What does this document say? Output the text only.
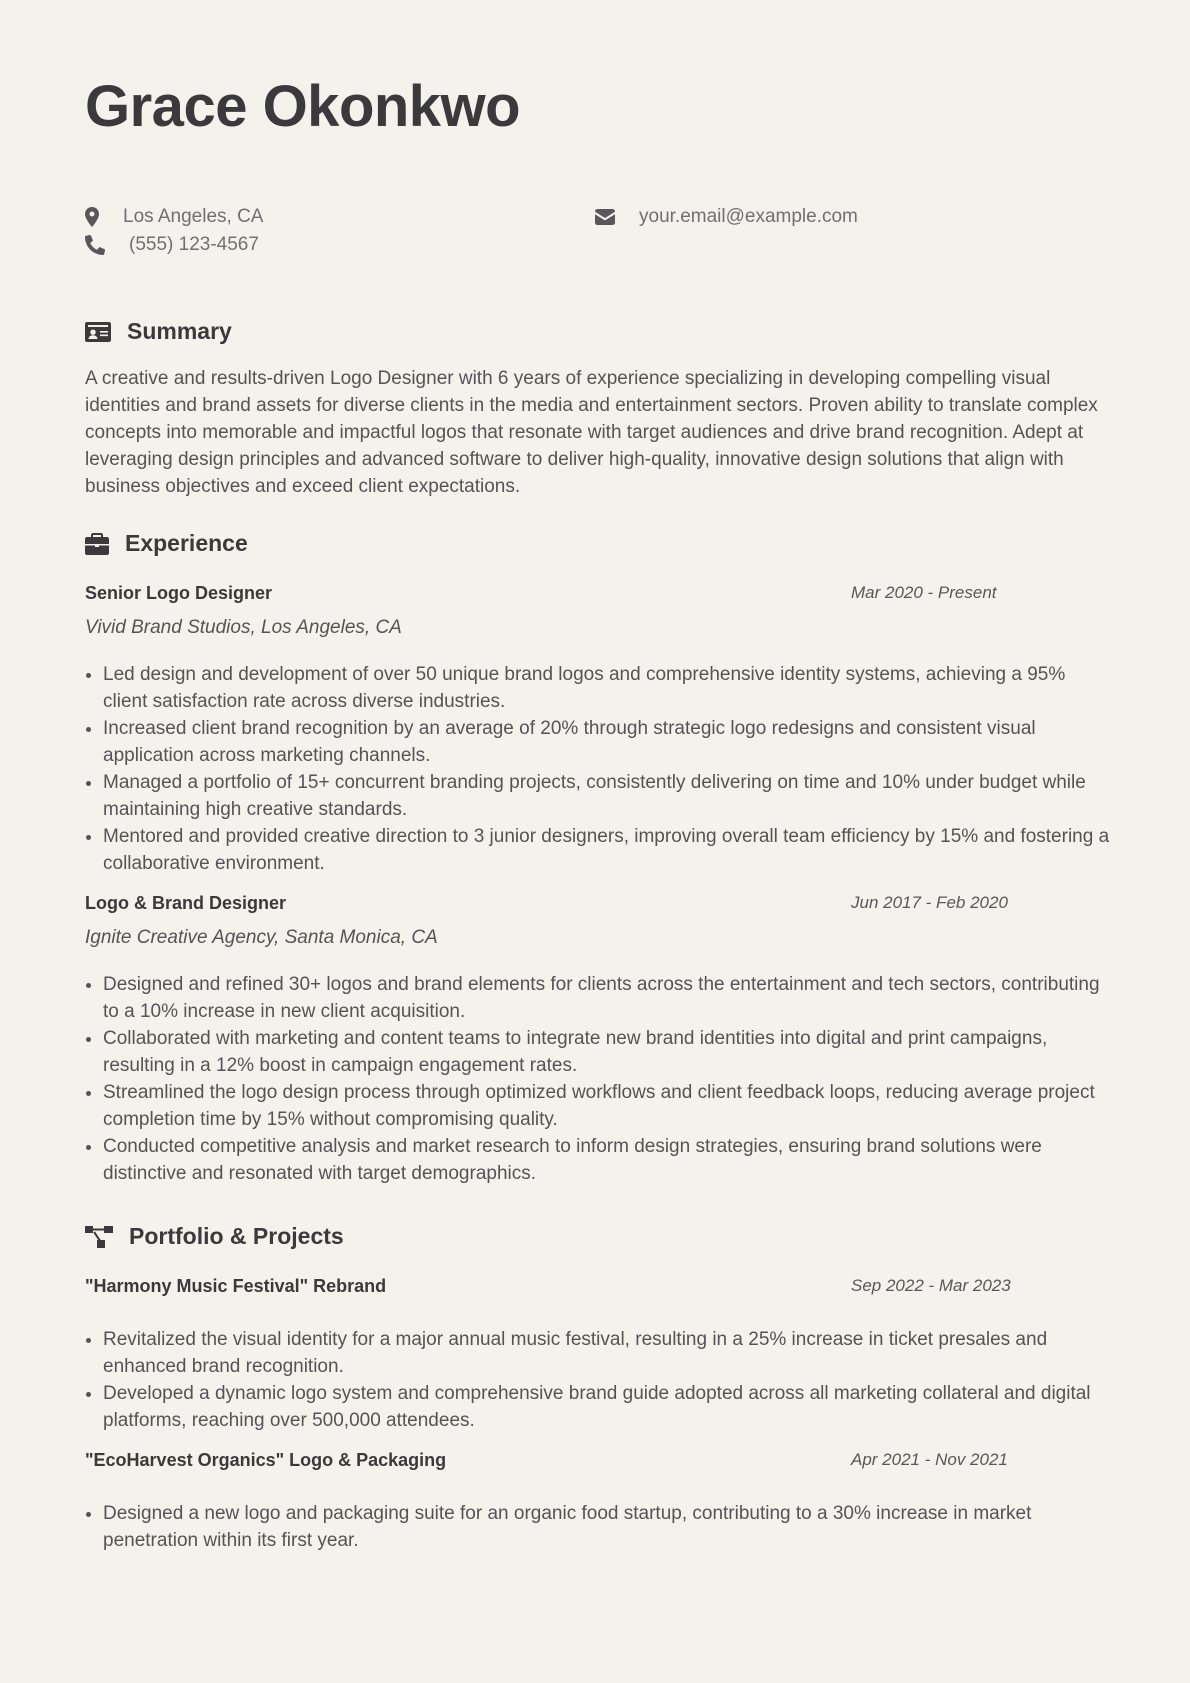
Grace Okonkwo
Los Angeles, CA
(555) 123-4567
your.email@example.com
Summary
A creative and results-driven Logo Designer with 6 years of experience specializing in developing compelling visual identities and brand assets for diverse clients in the media and entertainment sectors. Proven ability to translate complex concepts into memorable and impactful logos that resonate with target audiences and drive brand recognition. Adept at leveraging design principles and advanced software to deliver high-quality, innovative design solutions that align with business objectives and exceed client expectations.
Experience
Senior Logo Designer	Mar 2020 - Present
Vivid Brand Studios, Los Angeles, CA
• Led design and development of over 50 unique brand logos and comprehensive identity systems, achieving a 95% client satisfaction rate across diverse industries.
• Increased client brand recognition by an average of 20% through strategic logo redesigns and consistent visual application across marketing channels.
• Managed a portfolio of 15+ concurrent branding projects, consistently delivering on time and 10% under budget while maintaining high creative standards.
• Mentored and provided creative direction to 3 junior designers, improving overall team efficiency by 15% and fostering a collaborative environment.
Logo & Brand Designer	Jun 2017 - Feb 2020
Ignite Creative Agency, Santa Monica, CA
• Designed and refined 30+ logos and brand elements for clients across the entertainment and tech sectors, contributing to a 10% increase in new client acquisition.
• Collaborated with marketing and content teams to integrate new brand identities into digital and print campaigns, resulting in a 12% boost in campaign engagement rates.
• Streamlined the logo design process through optimized workflows and client feedback loops, reducing average project completion time by 15% without compromising quality.
• Conducted competitive analysis and market research to inform design strategies, ensuring brand solutions were distinctive and resonated with target demographics.
Portfolio & Projects
"Harmony Music Festival" Rebrand	Sep 2022 - Mar 2023
• Revitalized the visual identity for a major annual music festival, resulting in a 25% increase in ticket presales and enhanced brand recognition.
• Developed a dynamic logo system and comprehensive brand guide adopted across all marketing collateral and digital platforms, reaching over 500,000 attendees.
"EcoHarvest Organics" Logo & Packaging	Apr 2021 - Nov 2021
• Designed a new logo and packaging suite for an organic food startup, contributing to a 30% increase in market penetration within its first year.
